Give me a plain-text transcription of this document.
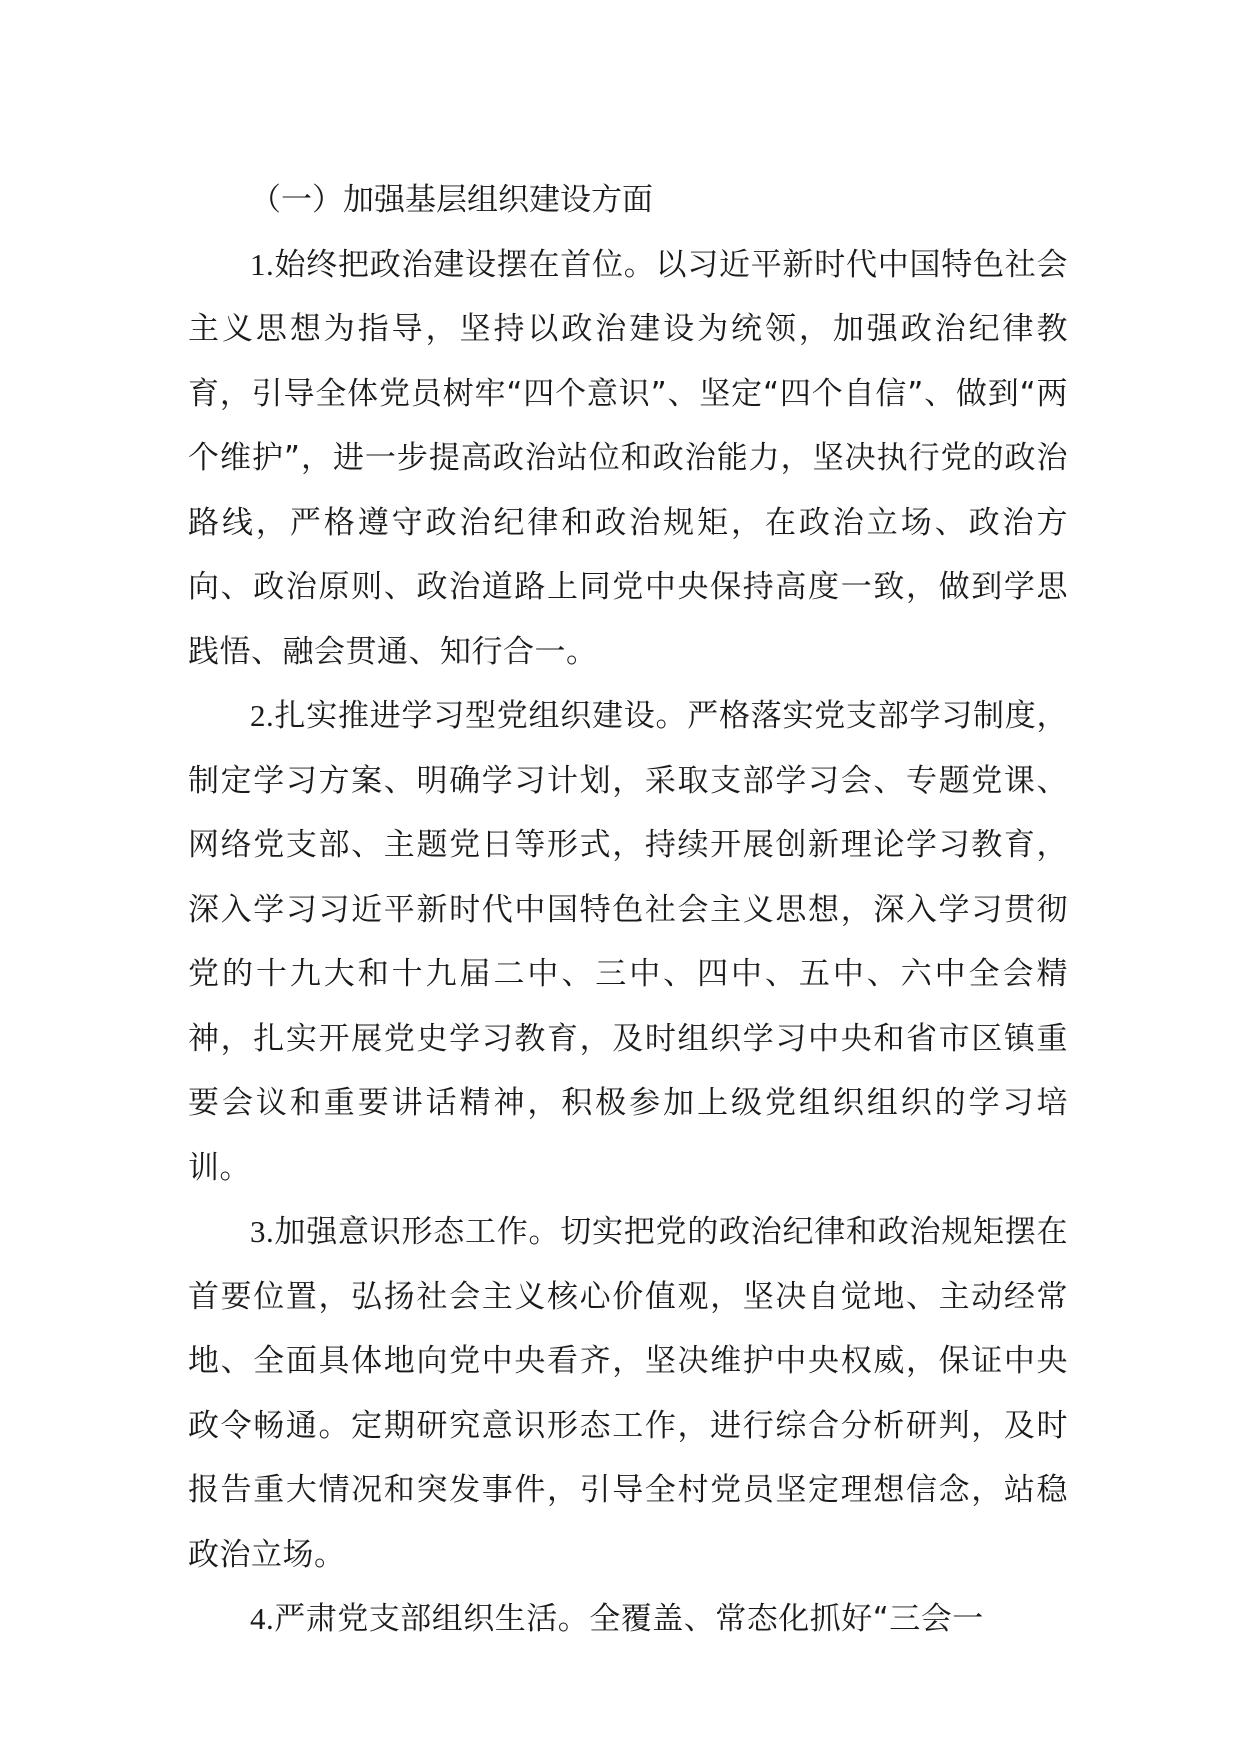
（一）加强基层组织建设方面

1.始终把政治建设摆在首位。以习近平新时代中国特色社会主义思想为指导，坚持以政治建设为统领，加强政治纪律教育，引导全体党员树牢“四个意识”、坚定“四个自信”、做到“两个维护”，进一步提高政治站位和政治能力，坚决执行党的政治路线，严格遵守政治纪律和政治规矩，在政治立场、政治方向、政治原则、政治道路上同党中央保持高度一致，做到学思践悟、融会贯通、知行合一。

2.扎实推进学习型党组织建设。严格落实党支部学习制度，制定学习方案、明确学习计划，采取支部学习会、专题党课、网络党支部、主题党日等形式，持续开展创新理论学习教育，深入学习习近平新时代中国特色社会主义思想，深入学习贯彻党的十九大和十九届二中、三中、四中、五中、六中全会精神，扎实开展党史学习教育，及时组织学习中央和省市区镇重要会议和重要讲话精神，积极参加上级党组织组织的学习培训。

3.加强意识形态工作。切实把党的政治纪律和政治规矩摆在首要位置，弘扬社会主义核心价值观，坚决自觉地、主动经常地、全面具体地向党中央看齐，坚决维护中央权威，保证中央政令畅通。定期研究意识形态工作，进行综合分析研判，及时报告重大情况和突发事件，引导全村党员坚定理想信念，站稳政治立场。

4.严肃党支部组织生活。全覆盖、常态化抓好“三会一
